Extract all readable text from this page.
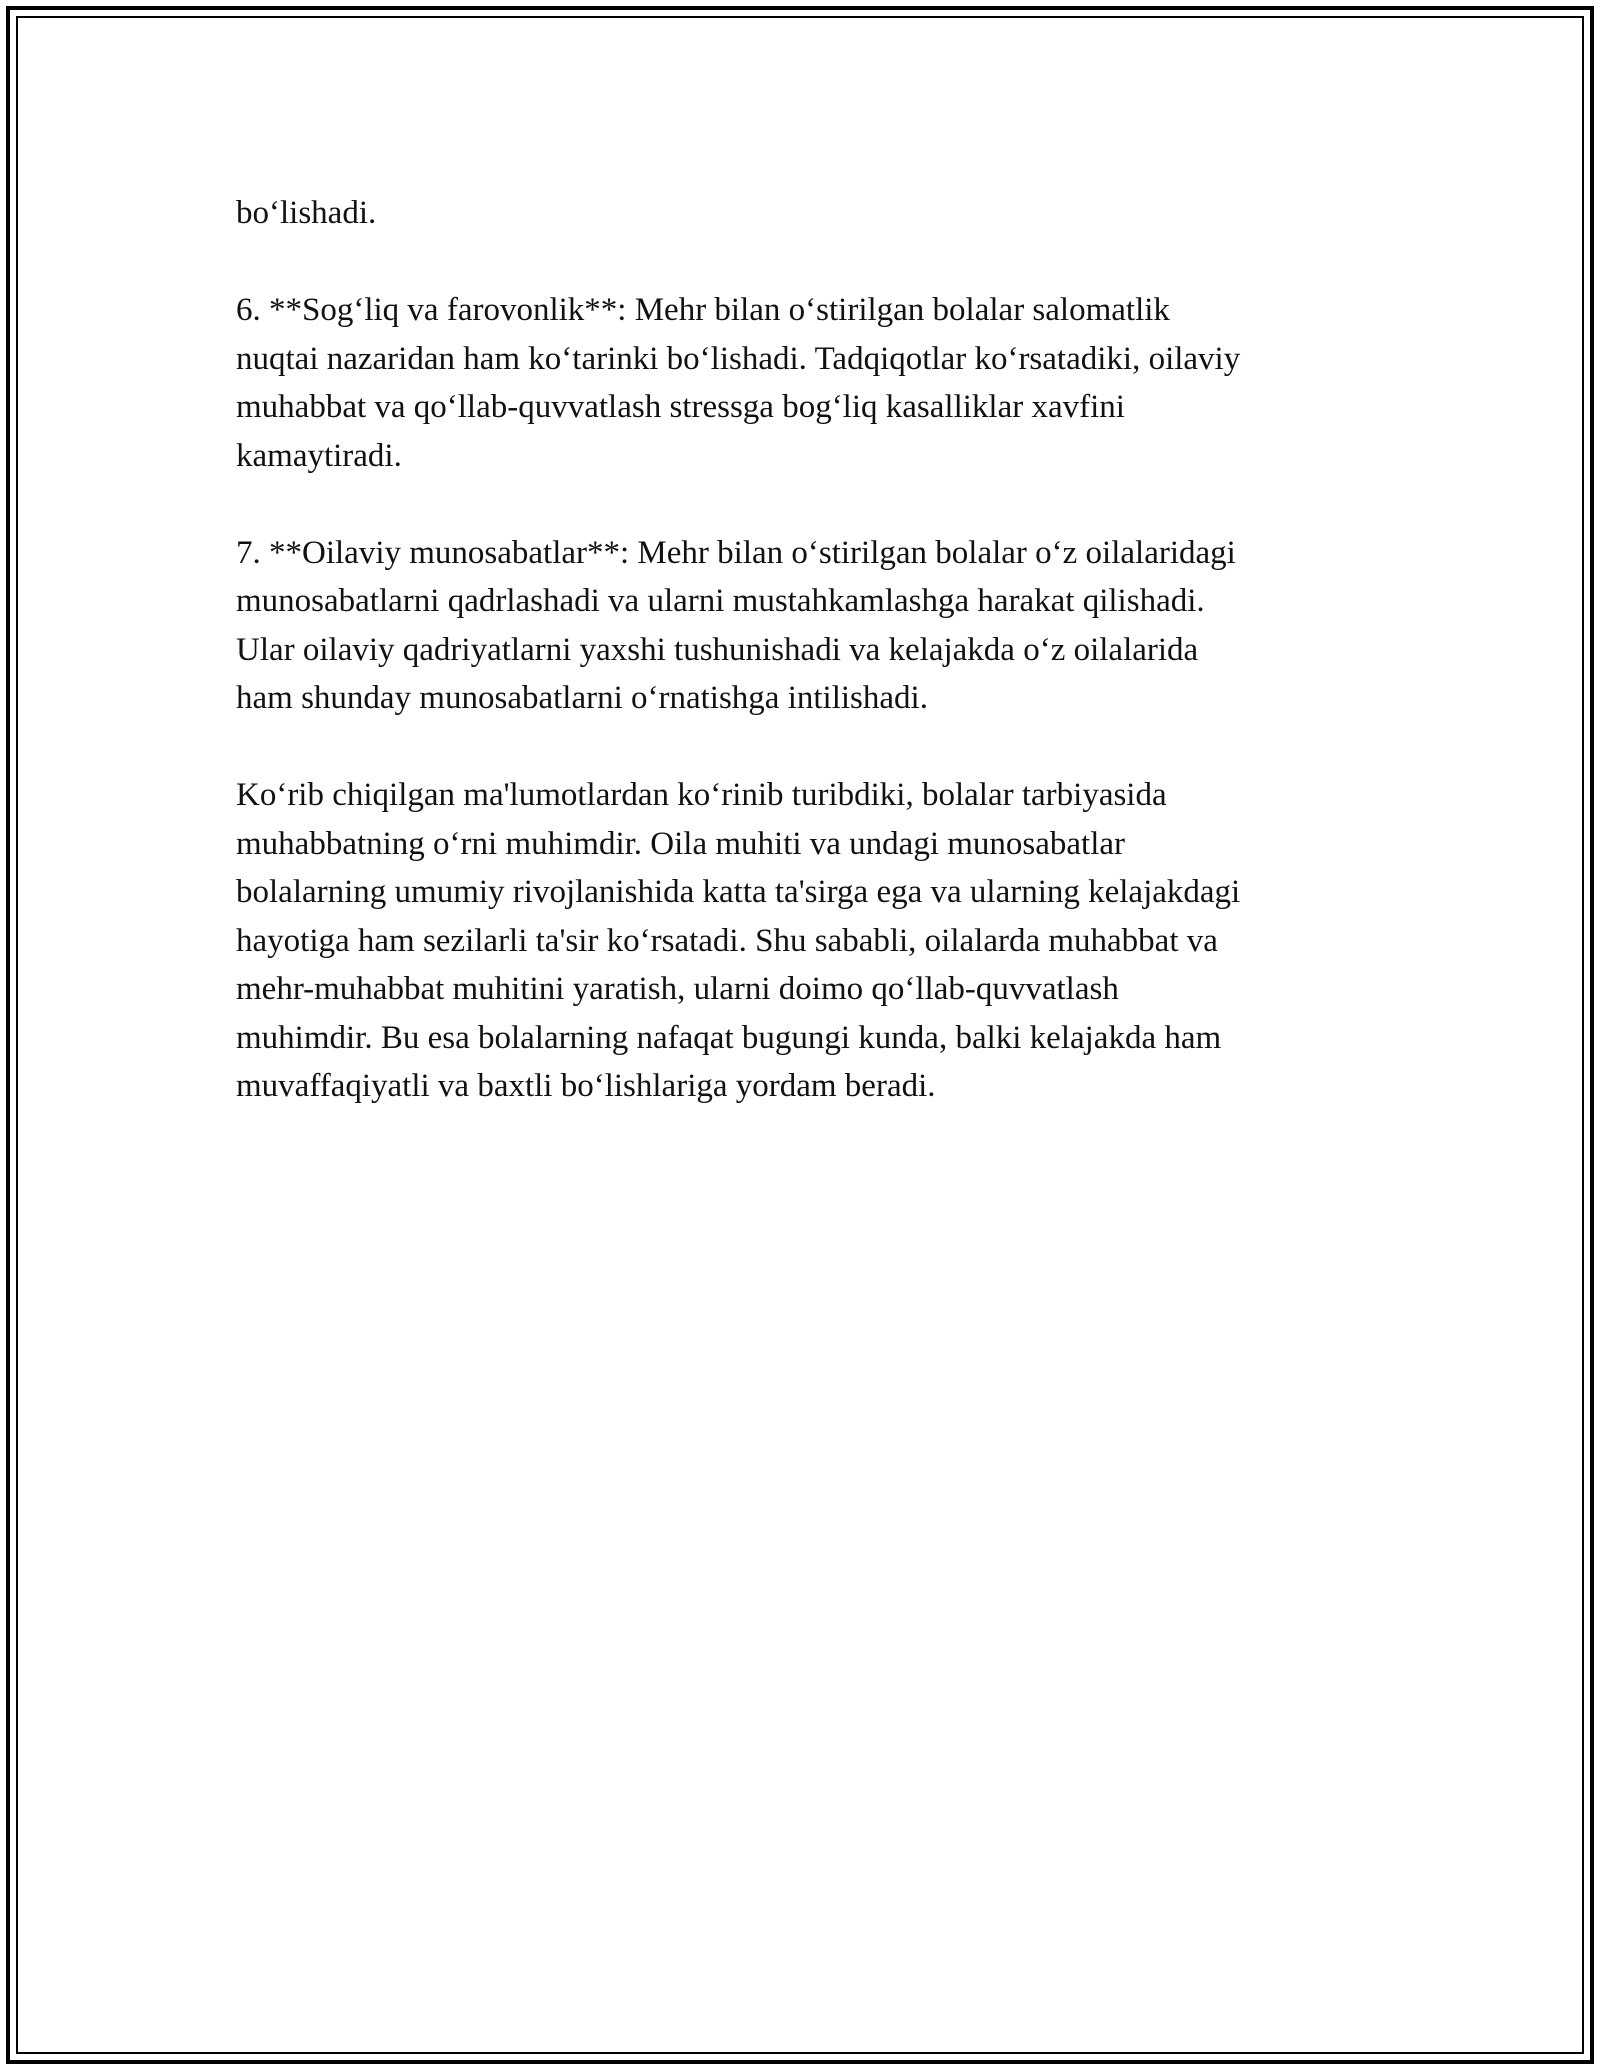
bo‘lishadi.

6. **Sog‘liq va farovonlik**: Mehr bilan o‘stirilgan bolalar salomatlik
nuqtai nazaridan ham ko‘tarinki bo‘lishadi. Tadqiqotlar ko‘rsatadiki, oilaviy
muhabbat va qo‘llab-quvvatlash stressga bog‘liq kasalliklar xavfini
kamaytiradi.

7. **Oilaviy munosabatlar**: Mehr bilan o‘stirilgan bolalar o‘z oilalaridagi
munosabatlarni qadrlashadi va ularni mustahkamlashga harakat qilishadi.
Ular oilaviy qadriyatlarni yaxshi tushunishadi va kelajakda o‘z oilalarida
ham shunday munosabatlarni o‘rnatishga intilishadi.

Ko‘rib chiqilgan ma'lumotlardan ko‘rinib turibdiki, bolalar tarbiyasida
muhabbatning o‘rni muhimdir. Oila muhiti va undagi munosabatlar
bolalarning umumiy rivojlanishida katta ta'sirga ega va ularning kelajakdagi
hayotiga ham sezilarli ta'sir ko‘rsatadi. Shu sababli, oilalarda muhabbat va
mehr-muhabbat muhitini yaratish, ularni doimo qo‘llab-quvvatlash
muhimdir. Bu esa bolalarning nafaqat bugungi kunda, balki kelajakda ham
muvaffaqiyatli va baxtli bo‘lishlariga yordam beradi.
